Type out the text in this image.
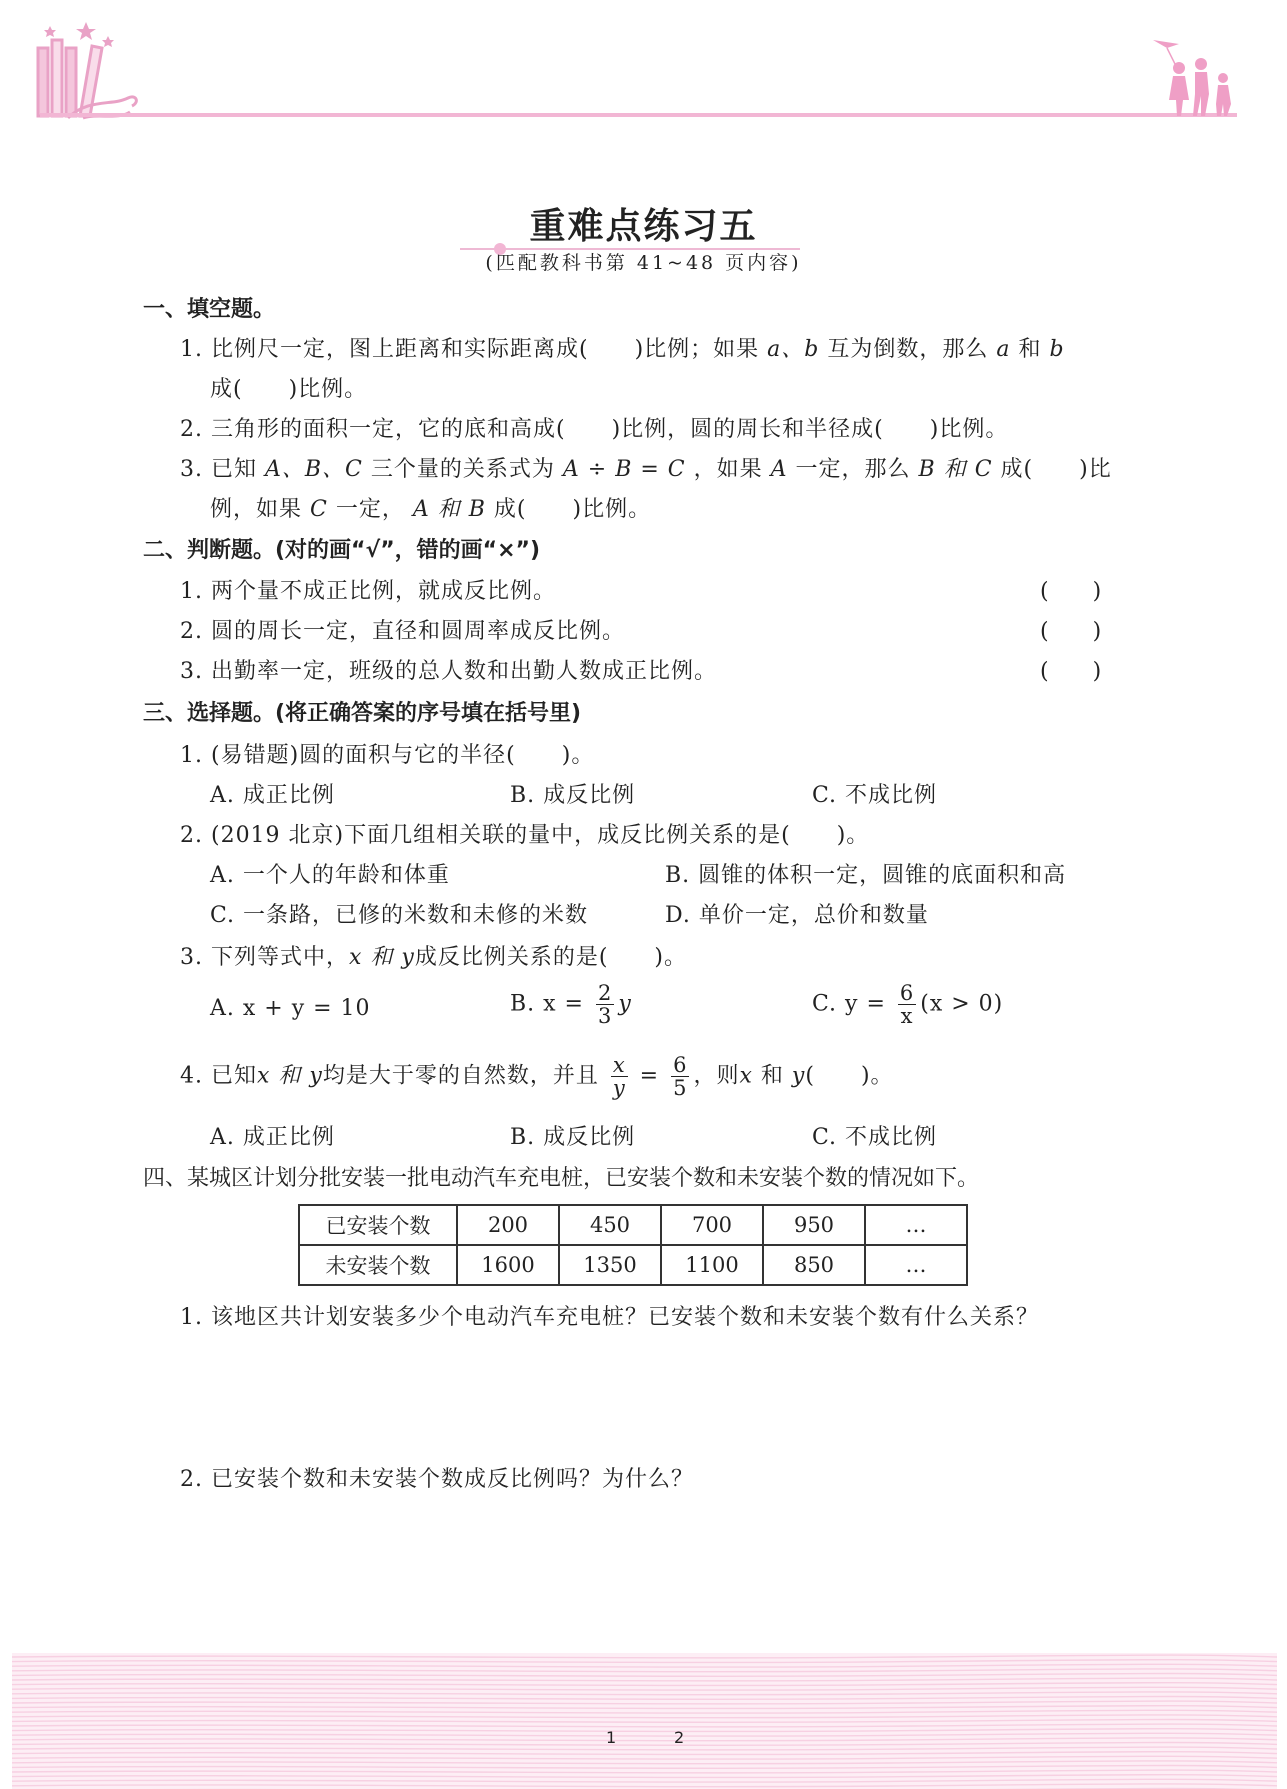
重难点练习五
(匹配教科书第 41~48 页内容)
一、填空题。
1. 比例尺一定，图上距离和实际距离成(　　)比例；如果 a、b 互为倒数，那么 a 和 b
成(　　)比例。
2. 三角形的面积一定，它的底和高成(　　)比例，圆的周长和半径成(　　)比例。
3. 已知 A、B、C 三个量的关系式为 A ÷ B = C ，如果 A 一定，那么 B 和 C 成(　　)比
例，如果 C 一定， A 和 B 成(　　)比例。
二、判断题。(对的画“√”，错的画“×”)
1. 两个量不成正比例，就成反比例。	(　　)
2. 圆的周长一定，直径和圆周率成反比例。	(　　)
3. 出勤率一定，班级的总人数和出勤人数成正比例。	(　　)
三、选择题。(将正确答案的序号填在括号里)
1. (易错题)圆的面积与它的半径(　　)。
A. 成正比例	B. 成反比例	C. 不成比例
2. (2019 北京)下面几组相关联的量中，成反比例关系的是(　　)。
A. 一个人的年龄和体重	B. 圆锥的体积一定，圆锥的底面积和高
C. 一条路，已修的米数和未修的米数	D. 单价一定，总价和数量
3. 下列等式中，x 和 y成反比例关系的是(　　)。
A. x + y = 10	B. $x = \frac{2}{3}$ y	C. $y = \frac{6}{x} (x > 0)$
4. 已知x 和 y均是大于零的自然数，并且 $\frac{x}{y} = \frac{6}{5}$ ，则x 和 y(　　)。
A. 成正比例	B. 成反比例	C. 不成比例
四、某城区计划分批安装一批电动汽车充电桩，已安装个数和未安装个数的情况如下。
已安装个数	200	450	700	950	…
未安装个数	1600	1350	1100	850	…
1. 该地区共计划安装多少个电动汽车充电桩？已安装个数和未安装个数有什么关系？
2. 已安装个数和未安装个数成反比例吗？为什么？
1	2
